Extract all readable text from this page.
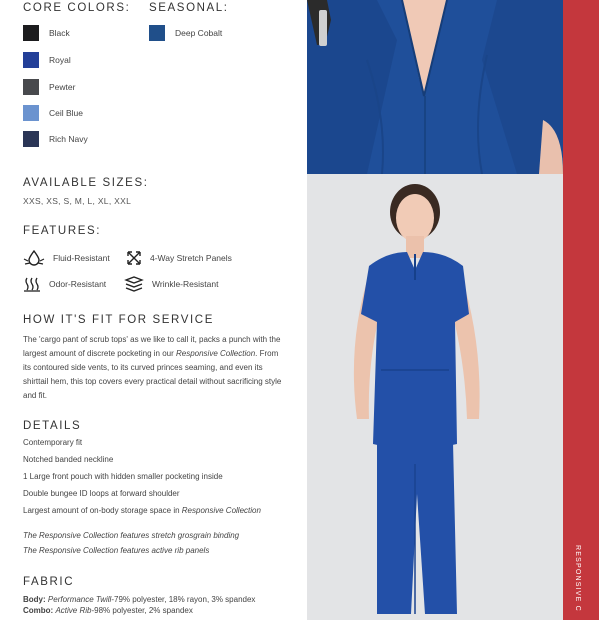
CORE COLORS: SEASONAL:
Black
Royal
Pewter
Ceil Blue
Rich Navy
Deep Cobalt
AVAILABLE SIZES:
XXS, XS, S, M, L, XL, XXL
FEATURES:
Fluid-Resistant	4-Way Stretch Panels
Odor-Resistant	Wrinkle-Resistant
HOW IT'S FIT FOR SERVICE
The 'cargo pant of scrub tops' as we like to call it, packs a punch with the largest amount of discrete pocketing in our Responsive Collection. From its contoured side vents, to its curved princes seaming, and even its shirttail hem, this top covers every practical detail without sacrificing style and fit.
DETAILS
Contemporary fit
Notched banded neckline
1 Large front pouch with hidden smaller pocketing inside
Double bungee ID loops at forward shoulder
Largest amount of on-body storage space in Responsive Collection
The Responsive Collection features stretch grosgrain binding
The Responsive Collection features active rib panels
FABRIC
Body: Performance Twill-79% polyester, 18% rayon, 3% spandex
Combo: Active Rib-98% polyester, 2% spandex	RESPONSIVE C
